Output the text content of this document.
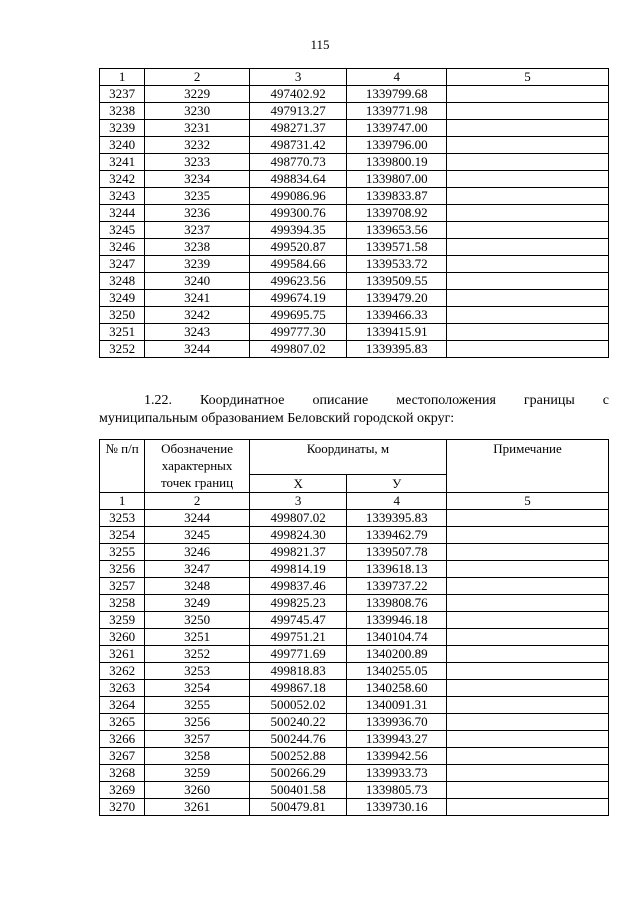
115
1	2	3	4	5
3237	3229	497402.92	1339799.68	
3238	3230	497913.27	1339771.98	
3239	3231	498271.37	1339747.00	
3240	3232	498731.42	1339796.00	
3241	3233	498770.73	1339800.19	
3242	3234	498834.64	1339807.00	
3243	3235	499086.96	1339833.87	
3244	3236	499300.76	1339708.92	
3245	3237	499394.35	1339653.56	
3246	3238	499520.87	1339571.58	
3247	3239	499584.66	1339533.72	
3248	3240	499623.56	1339509.55	
3249	3241	499674.19	1339479.20	
3250	3242	499695.75	1339466.33	
3251	3243	499777.30	1339415.91	
3252	3244	499807.02	1339395.83	
1.22. Координатное описание местоположения границы с
муниципальным образованием Беловский городской округ:
№ п/п	Обозначение характерных точек границ	Координаты, м		Примечание
		Х	У	
1	2	3	4	5
3253	3244	499807.02	1339395.83	
3254	3245	499824.30	1339462.79	
3255	3246	499821.37	1339507.78	
3256	3247	499814.19	1339618.13	
3257	3248	499837.46	1339737.22	
3258	3249	499825.23	1339808.76	
3259	3250	499745.47	1339946.18	
3260	3251	499751.21	1340104.74	
3261	3252	499771.69	1340200.89	
3262	3253	499818.83	1340255.05	
3263	3254	499867.18	1340258.60	
3264	3255	500052.02	1340091.31	
3265	3256	500240.22	1339936.70	
3266	3257	500244.76	1339943.27	
3267	3258	500252.88	1339942.56	
3268	3259	500266.29	1339933.73	
3269	3260	500401.58	1339805.73	
3270	3261	500479.81	1339730.16	
